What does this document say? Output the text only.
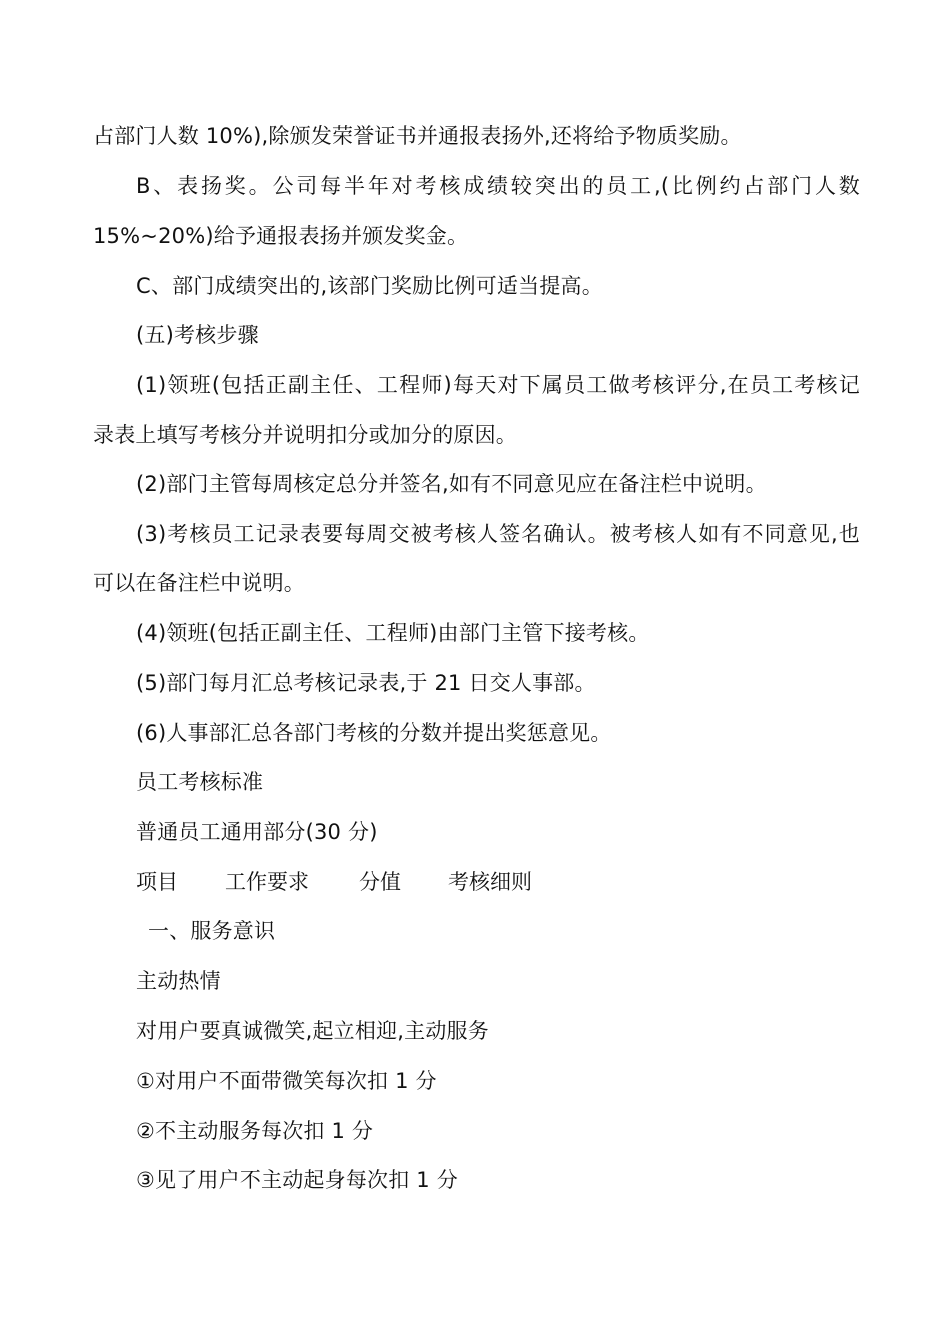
占部门人数 10%),除颁发荣誉证书并通报表扬外,还将给予物质奖励。
B、表扬奖。公司每半年对考核成绩较突出的员工,(比例约占部门人数
15%~20%)给予通报表扬并颁发奖金。
C、部门成绩突出的,该部门奖励比例可适当提高。
(五)考核步骤
(1)领班(包括正副主任、工程师)每天对下属员工做考核评分,在员工考核记
录表上填写考核分并说明扣分或加分的原因。
(2)部门主管每周核定总分并签名,如有不同意见应在备注栏中说明。
(3)考核员工记录表要每周交被考核人签名确认。被考核人如有不同意见,也
可以在备注栏中说明。
(4)领班(包括正副主任、工程师)由部门主管下接考核。
(5)部门每月汇总考核记录表,于 21 日交人事部。
(6)人事部汇总各部门考核的分数并提出奖惩意见。
员工考核标准
普通员工通用部分(30 分)
项目 工作要求 分值 考核细则
一、服务意识
主动热情
对用户要真诚微笑,起立相迎,主动服务
①对用户不面带微笑每次扣 1 分
②不主动服务每次扣 1 分
③见了用户不主动起身每次扣 1 分
